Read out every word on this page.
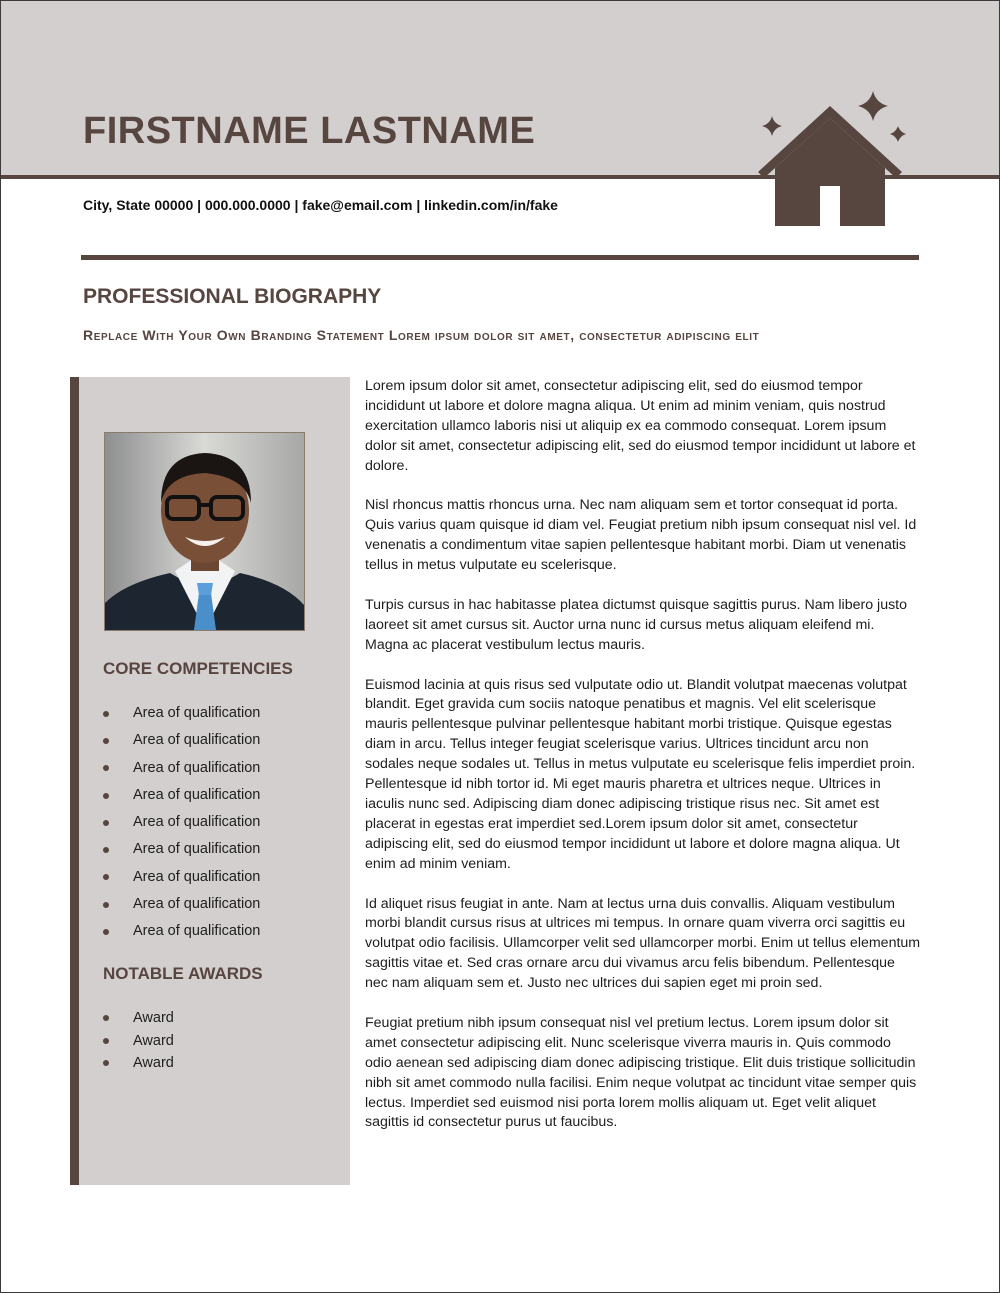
FIRSTNAME LASTNAME
City, State 00000 | 000.000.0000 | fake@email.com | linkedin.com/in/fake
PROFESSIONAL BIOGRAPHY
Replace With Your Own Branding Statement Lorem ipsum dolor sit amet, consectetur adipiscing elit
CORE COMPETENCIES
Area of qualification
Area of qualification
Area of qualification
Area of qualification
Area of qualification
Area of qualification
Area of qualification
Area of qualification
Area of qualification
NOTABLE AWARDS
Award
Award
Award

Lorem ipsum dolor sit amet, consectetur adipiscing elit, sed do eiusmod tempor incididunt ut labore et dolore magna aliqua. Ut enim ad minim veniam, quis nostrud exercitation ullamco laboris nisi ut aliquip ex ea commodo consequat. Lorem ipsum dolor sit amet, consectetur adipiscing elit, sed do eiusmod tempor incididunt ut labore et dolore.

Nisl rhoncus mattis rhoncus urna. Nec nam aliquam sem et tortor consequat id porta. Quis varius quam quisque id diam vel. Feugiat pretium nibh ipsum consequat nisl vel. Id venenatis a condimentum vitae sapien pellentesque habitant morbi. Diam ut venenatis tellus in metus vulputate eu scelerisque.

Turpis cursus in hac habitasse platea dictumst quisque sagittis purus. Nam libero justo laoreet sit amet cursus sit. Auctor urna nunc id cursus metus aliquam eleifend mi. Magna ac placerat vestibulum lectus mauris.

Euismod lacinia at quis risus sed vulputate odio ut. Blandit volutpat maecenas volutpat blandit. Eget gravida cum sociis natoque penatibus et magnis. Vel elit scelerisque mauris pellentesque pulvinar pellentesque habitant morbi tristique. Quisque egestas diam in arcu. Tellus integer feugiat scelerisque varius. Ultrices tincidunt arcu non sodales neque sodales ut. Tellus in metus vulputate eu scelerisque felis imperdiet proin. Pellentesque id nibh tortor id. Mi eget mauris pharetra et ultrices neque. Ultrices in iaculis nunc sed. Adipiscing diam donec adipiscing tristique risus nec. Sit amet est placerat in egestas erat imperdiet sed.Lorem ipsum dolor sit amet, consectetur adipiscing elit, sed do eiusmod tempor incididunt ut labore et dolore magna aliqua. Ut enim ad minim veniam.

Id aliquet risus feugiat in ante. Nam at lectus urna duis convallis. Aliquam vestibulum morbi blandit cursus risus at ultrices mi tempus. In ornare quam viverra orci sagittis eu volutpat odio facilisis. Ullamcorper velit sed ullamcorper morbi. Enim ut tellus elementum sagittis vitae et. Sed cras ornare arcu dui vivamus arcu felis bibendum. Pellentesque nec nam aliquam sem et. Justo nec ultrices dui sapien eget mi proin sed.

Feugiat pretium nibh ipsum consequat nisl vel pretium lectus. Lorem ipsum dolor sit amet consectetur adipiscing elit. Nunc scelerisque viverra mauris in. Quis commodo odio aenean sed adipiscing diam donec adipiscing tristique. Elit duis tristique sollicitudin nibh sit amet commodo nulla facilisi. Enim neque volutpat ac tincidunt vitae semper quis lectus. Imperdiet sed euismod nisi porta lorem mollis aliquam ut. Eget velit aliquet sagittis id consectetur purus ut faucibus.
